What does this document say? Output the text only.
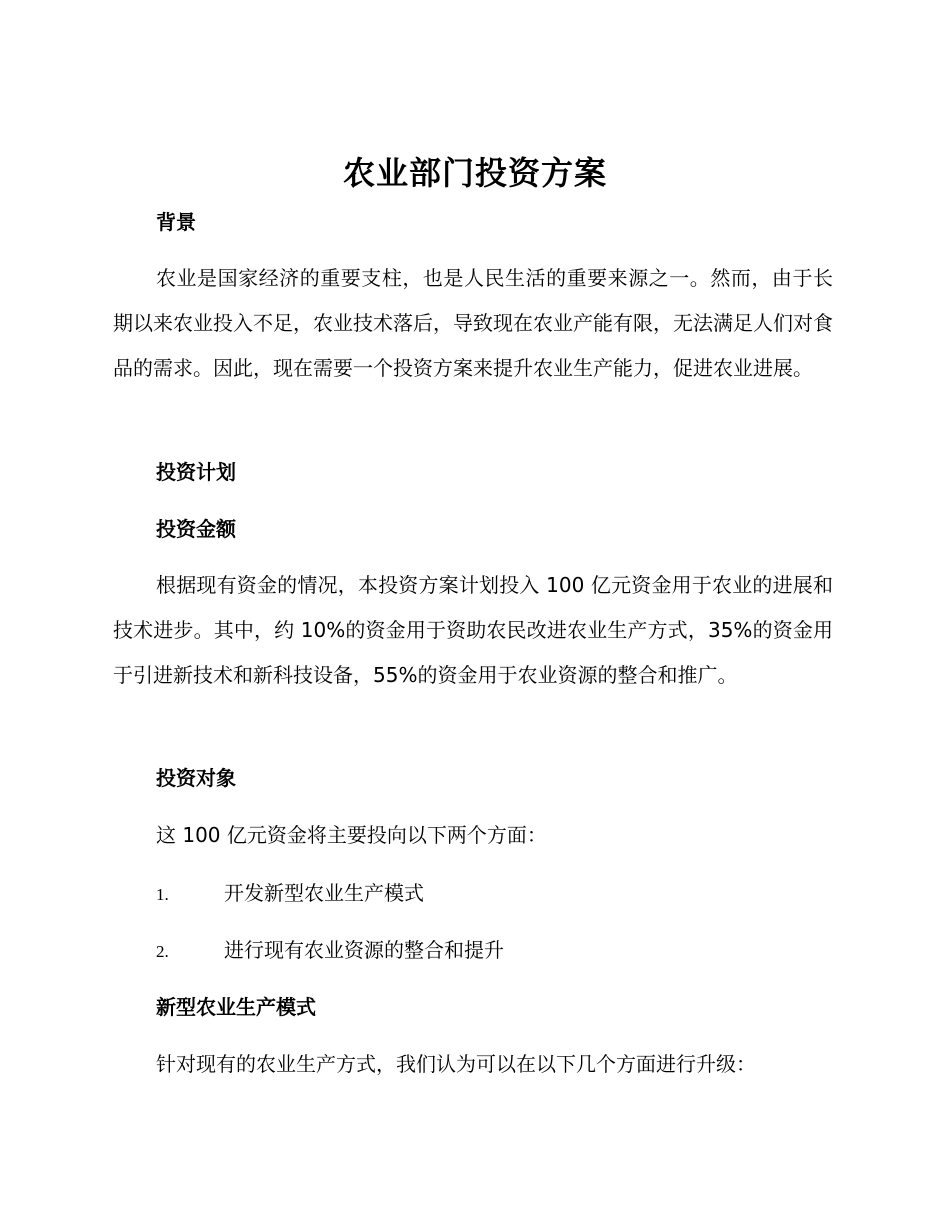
农业部门投资方案
背景

农业是国家经济的重要支柱，也是人民生活的重要来源之一。然而，由于长期以来农业投入不足，农业技术落后，导致现在农业产能有限，无法满足人们对食品的需求。因此，现在需要一个投资方案来提升农业生产能力，促进农业进展。

投资计划
投资金额

根据现有资金的情况，本投资方案计划投入 100 亿元资金用于农业的进展和技术进步。其中，约 10%的资金用于资助农民改进农业生产方式，35%的资金用于引进新技术和新科技设备，55%的资金用于农业资源的整合和推广。

投资对象
这 100 亿元资金将主要投向以下两个方面：
1.	开发新型农业生产模式
2.	进行现有农业资源的整合和提升
新型农业生产模式
针对现有的农业生产方式，我们认为可以在以下几个方面进行升级：
